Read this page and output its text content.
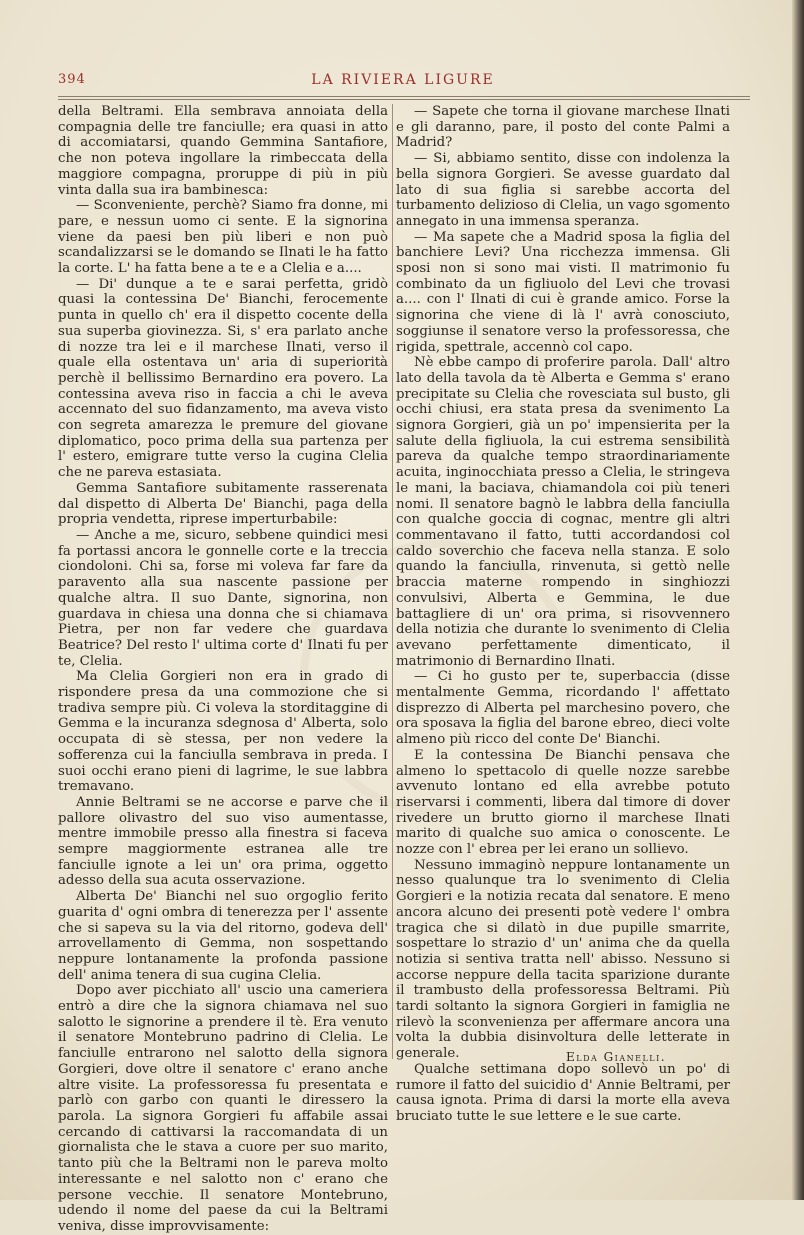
394	LA RIVIERA LIGURE

della Beltrami. Ella sembrava annoiata della compagnia delle tre fanciulle; era quasi in atto di accomiatarsi, quando Gemmina Santafiore, che non poteva ingollare la rimbeccata della maggiore compagna, proruppe di più in più vinta dalla sua ira bambinesca:

— Sconveniente, perchè? Siamo fra donne, mi pare, e nessun uomo ci sente. E la signorina viene da paesi ben più liberi e non può scandalizzarsi se le domando se Ilnati le ha fatto la corte. L' ha fatta bene a te e a Clelia e a....

— Di' dunque a te e sarai perfetta, gridò quasi la contessina De' Bianchi, ferocemente punta in quello ch' era il dispetto cocente della sua superba giovinezza. Si, s' era parlato anche di nozze tra lei e il marchese Ilnati, verso il quale ella ostentava un' aria di superiorità perchè il bellissimo Bernardino era povero. La contessina aveva riso in faccia a chi le aveva accennato del suo fidanzamento, ma aveva visto con segreta amarezza le premure del giovane diplomatico, poco prima della sua partenza per l' estero, emigrare tutte verso la cugina Clelia che ne pareva estasiata.

Gemma Santafiore subitamente rasserenata dal dispetto di Alberta De' Bianchi, paga della propria vendetta, riprese imperturbabile:

— Anche a me, sicuro, sebbene quindici mesi fa portassi ancora le gonnelle corte e la treccia ciondoloni. Chi sa, forse mi voleva far fare da paravento alla sua nascente passione per qualche altra. Il suo Dante, signorina, non guardava in chiesa una donna che si chiamava Pietra, per non far vedere che guardava Beatrice? Del resto l' ultima corte d' Ilnati fu per te, Clelia.

Ma Clelia Gorgieri non era in grado di rispondere presa da una commozione che si tradiva sempre più. Ci voleva la storditaggine di Gemma e la incuranza sdegnosa d' Alberta, solo occupata di sè stessa, per non vedere la sofferenza cui la fanciulla sembrava in preda. I suoi occhi erano pieni di lagrime, le sue labbra tremavano.

Annie Beltrami se ne accorse e parve che il pallore olivastro del suo viso aumentasse, mentre immobile presso alla finestra si faceva sempre maggiormente estranea alle tre fanciulle ignote a lei un' ora prima, oggetto adesso della sua acuta osservazione.

Alberta De' Bianchi nel suo orgoglio ferito guarita d' ogni ombra di tenerezza per l' assente che si sapeva su la via del ritorno, godeva dell' arrovellamento di Gemma, non sospettando neppure lontanamente la profonda passione dell' anima tenera di sua cugina Clelia.

Dopo aver picchiato all' uscio una cameriera entrò a dire che la signora chiamava nel suo salotto le signorine a prendere il tè. Era venuto il senatore Montebruno padrino di Clelia. Le fanciulle entrarono nel salotto della signora Gorgieri, dove oltre il senatore c' erano anche altre visite. La professoressa fu presentata e parlò con garbo con quanti le diressero la parola. La signora Gorgieri fu affabile assai cercando di cattivarsi la raccomandata di un giornalista che le stava a cuore per suo marito, tanto più che la Beltrami non le pareva molto interessante e nel salotto non c' erano che persone vecchie. Il senatore Montebruno, udendo il nome del paese da cui la Beltrami veniva, disse improvvisamente:

— Sapete che torna il giovane marchese Ilnati e gli daranno, pare, il posto del conte Palmi a Madrid?

— Si, abbiamo sentito, disse con indolenza la bella signora Gorgieri. Se avesse guardato dal lato di sua figlia si sarebbe accorta del turbamento delizioso di Clelia, un vago sgomento annegato in una immensa speranza.

— Ma sapete che a Madrid sposa la figlia del banchiere Levi? Una ricchezza immensa. Gli sposi non si sono mai visti. Il matrimonio fu combinato da un figliuolo del Levi che trovasi a.... con l' Ilnati di cui è grande amico. Forse la signorina che viene di là l' avrà conosciuto, soggiunse il senatore verso la professoressa, che rigida, spettrale, accennò col capo.

Nè ebbe campo di proferire parola. Dall' altro lato della tavola da tè Alberta e Gemma s' erano precipitate su Clelia che rovesciata sul busto, gli occhi chiusi, era stata presa da svenimento La signora Gorgieri, già un po' impensierita per la salute della figliuola, la cui estrema sensibilità pareva da qualche tempo straordinariamente acuita, inginocchiata presso a Clelia, le stringeva le mani, la baciava, chiamandola coi più teneri nomi. Il senatore bagnò le labbra della fanciulla con qualche goccia di cognac, mentre gli altri commentavano il fatto, tutti accordandosi col caldo soverchio che faceva nella stanza. E solo quando la fanciulla, rinvenuta, si gettò nelle braccia materne rompendo in singhiozzi convulsivi, Alberta e Gemmina, le due battagliere di un' ora prima, si risovvennero della notizia che durante lo svenimento di Clelia avevano perfettamente dimenticato, il matrimonio di Bernardino Ilnati.

— Ci ho gusto per te, superbaccia (disse mentalmente Gemma, ricordando l' affettato disprezzo di Alberta pel marchesino povero, che ora sposava la figlia del barone ebreo, dieci volte almeno più ricco del conte De' Bianchi.

E la contessina De Bianchi pensava che almeno lo spettacolo di quelle nozze sarebbe avvenuto lontano ed ella avrebbe potuto riservarsi i commenti, libera dal timore di dover rivedere un brutto giorno il marchese Ilnati marito di qualche suo amica o conoscente. Le nozze con l' ebrea per lei erano un sollievo.

Nessuno immaginò neppure lontanamente un nesso qualunque tra lo svenimento di Clelia Gorgieri e la notizia recata dal senatore. E meno ancora alcuno dei presenti potè vedere l' ombra tragica che si dilatò in due pupille smarrite, sospettare lo strazio d' un' anima che da quella notizia si sentiva tratta nell' abisso. Nessuno si accorse neppure della tacita sparizione durante il trambusto della professoressa Beltrami. Più tardi soltanto la signora Gorgieri in famiglia ne rilevò la sconvenienza per affermare ancora una volta la dubbia disinvoltura delle letterate in generale.

Qualche settimana dopo sollevò un po' di rumore il fatto del suicidio d' Annie Beltrami, per causa ignota. Prima di darsi la morte ella aveva bruciato tutte le sue lettere e le sue carte.

Elda Gianelli.
